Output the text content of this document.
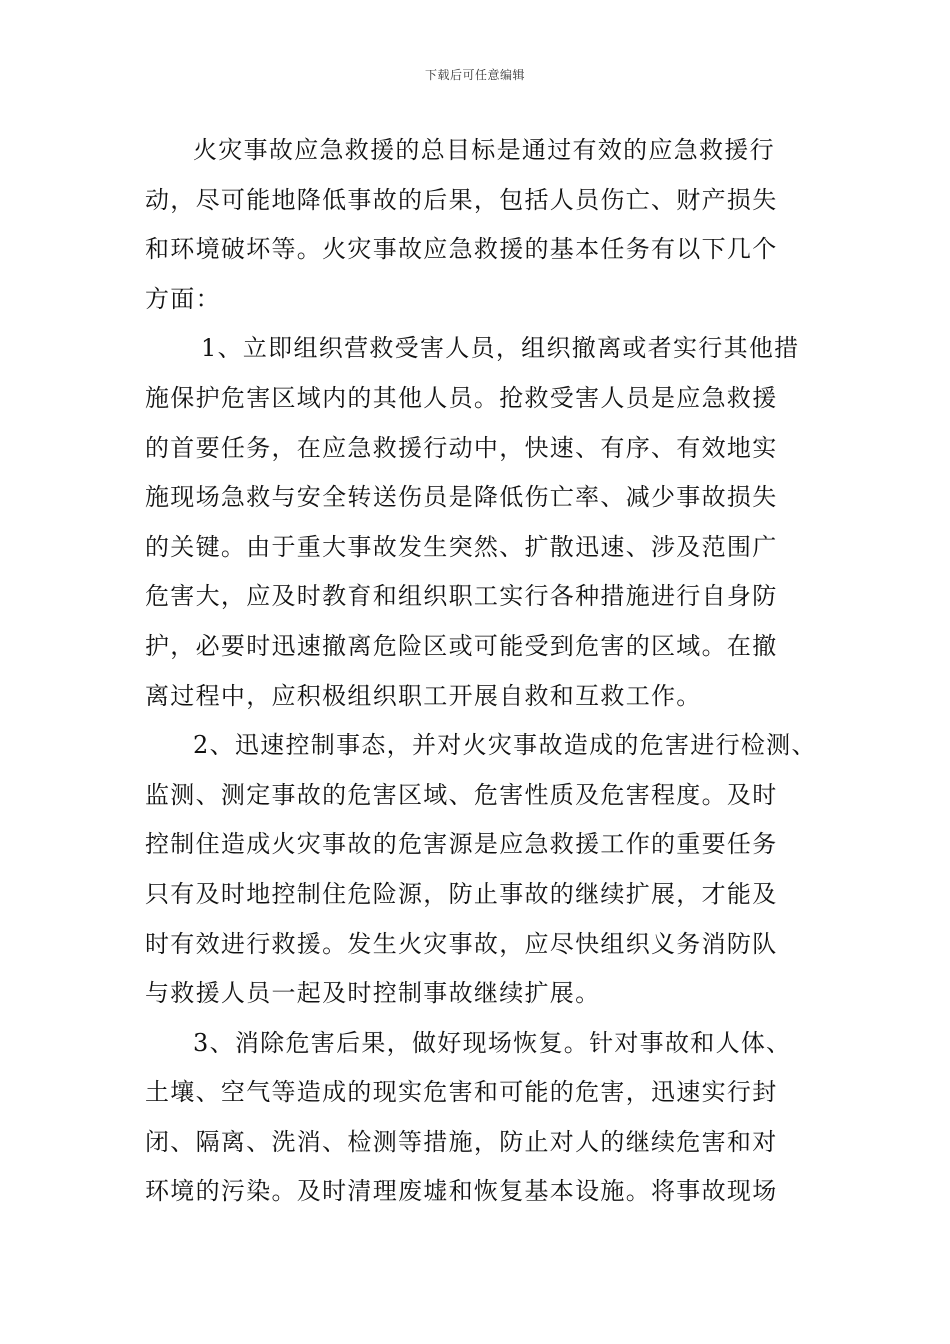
下载后可任意编辑
火灾事故应急救援的总目标是通过有效的应急救援行
动，尽可能地降低事故的后果，包括人员伤亡、财产损失
和环境破坏等。火灾事故应急救援的基本任务有以下几个
方面：
1、立即组织营救受害人员，组织撤离或者实行其他措
施保护危害区域内的其他人员。抢救受害人员是应急救援
的首要任务，在应急救援行动中，快速、有序、有效地实
施现场急救与安全转送伤员是降低伤亡率、减少事故损失
的关键。由于重大事故发生突然、扩散迅速、涉及范围广
危害大，应及时教育和组织职工实行各种措施进行自身防
护，必要时迅速撤离危险区或可能受到危害的区域。在撤
离过程中，应积极组织职工开展自救和互救工作。
2、迅速控制事态，并对火灾事故造成的危害进行检测、
监测、测定事故的危害区域、危害性质及危害程度。及时
控制住造成火灾事故的危害源是应急救援工作的重要任务
只有及时地控制住危险源，防止事故的继续扩展，才能及
时有效进行救援。发生火灾事故，应尽快组织义务消防队
与救援人员一起及时控制事故继续扩展。
3、消除危害后果，做好现场恢复。针对事故和人体、
土壤、空气等造成的现实危害和可能的危害，迅速实行封
闭、隔离、洗消、检测等措施，防止对人的继续危害和对
环境的污染。及时清理废墟和恢复基本设施。将事故现场
